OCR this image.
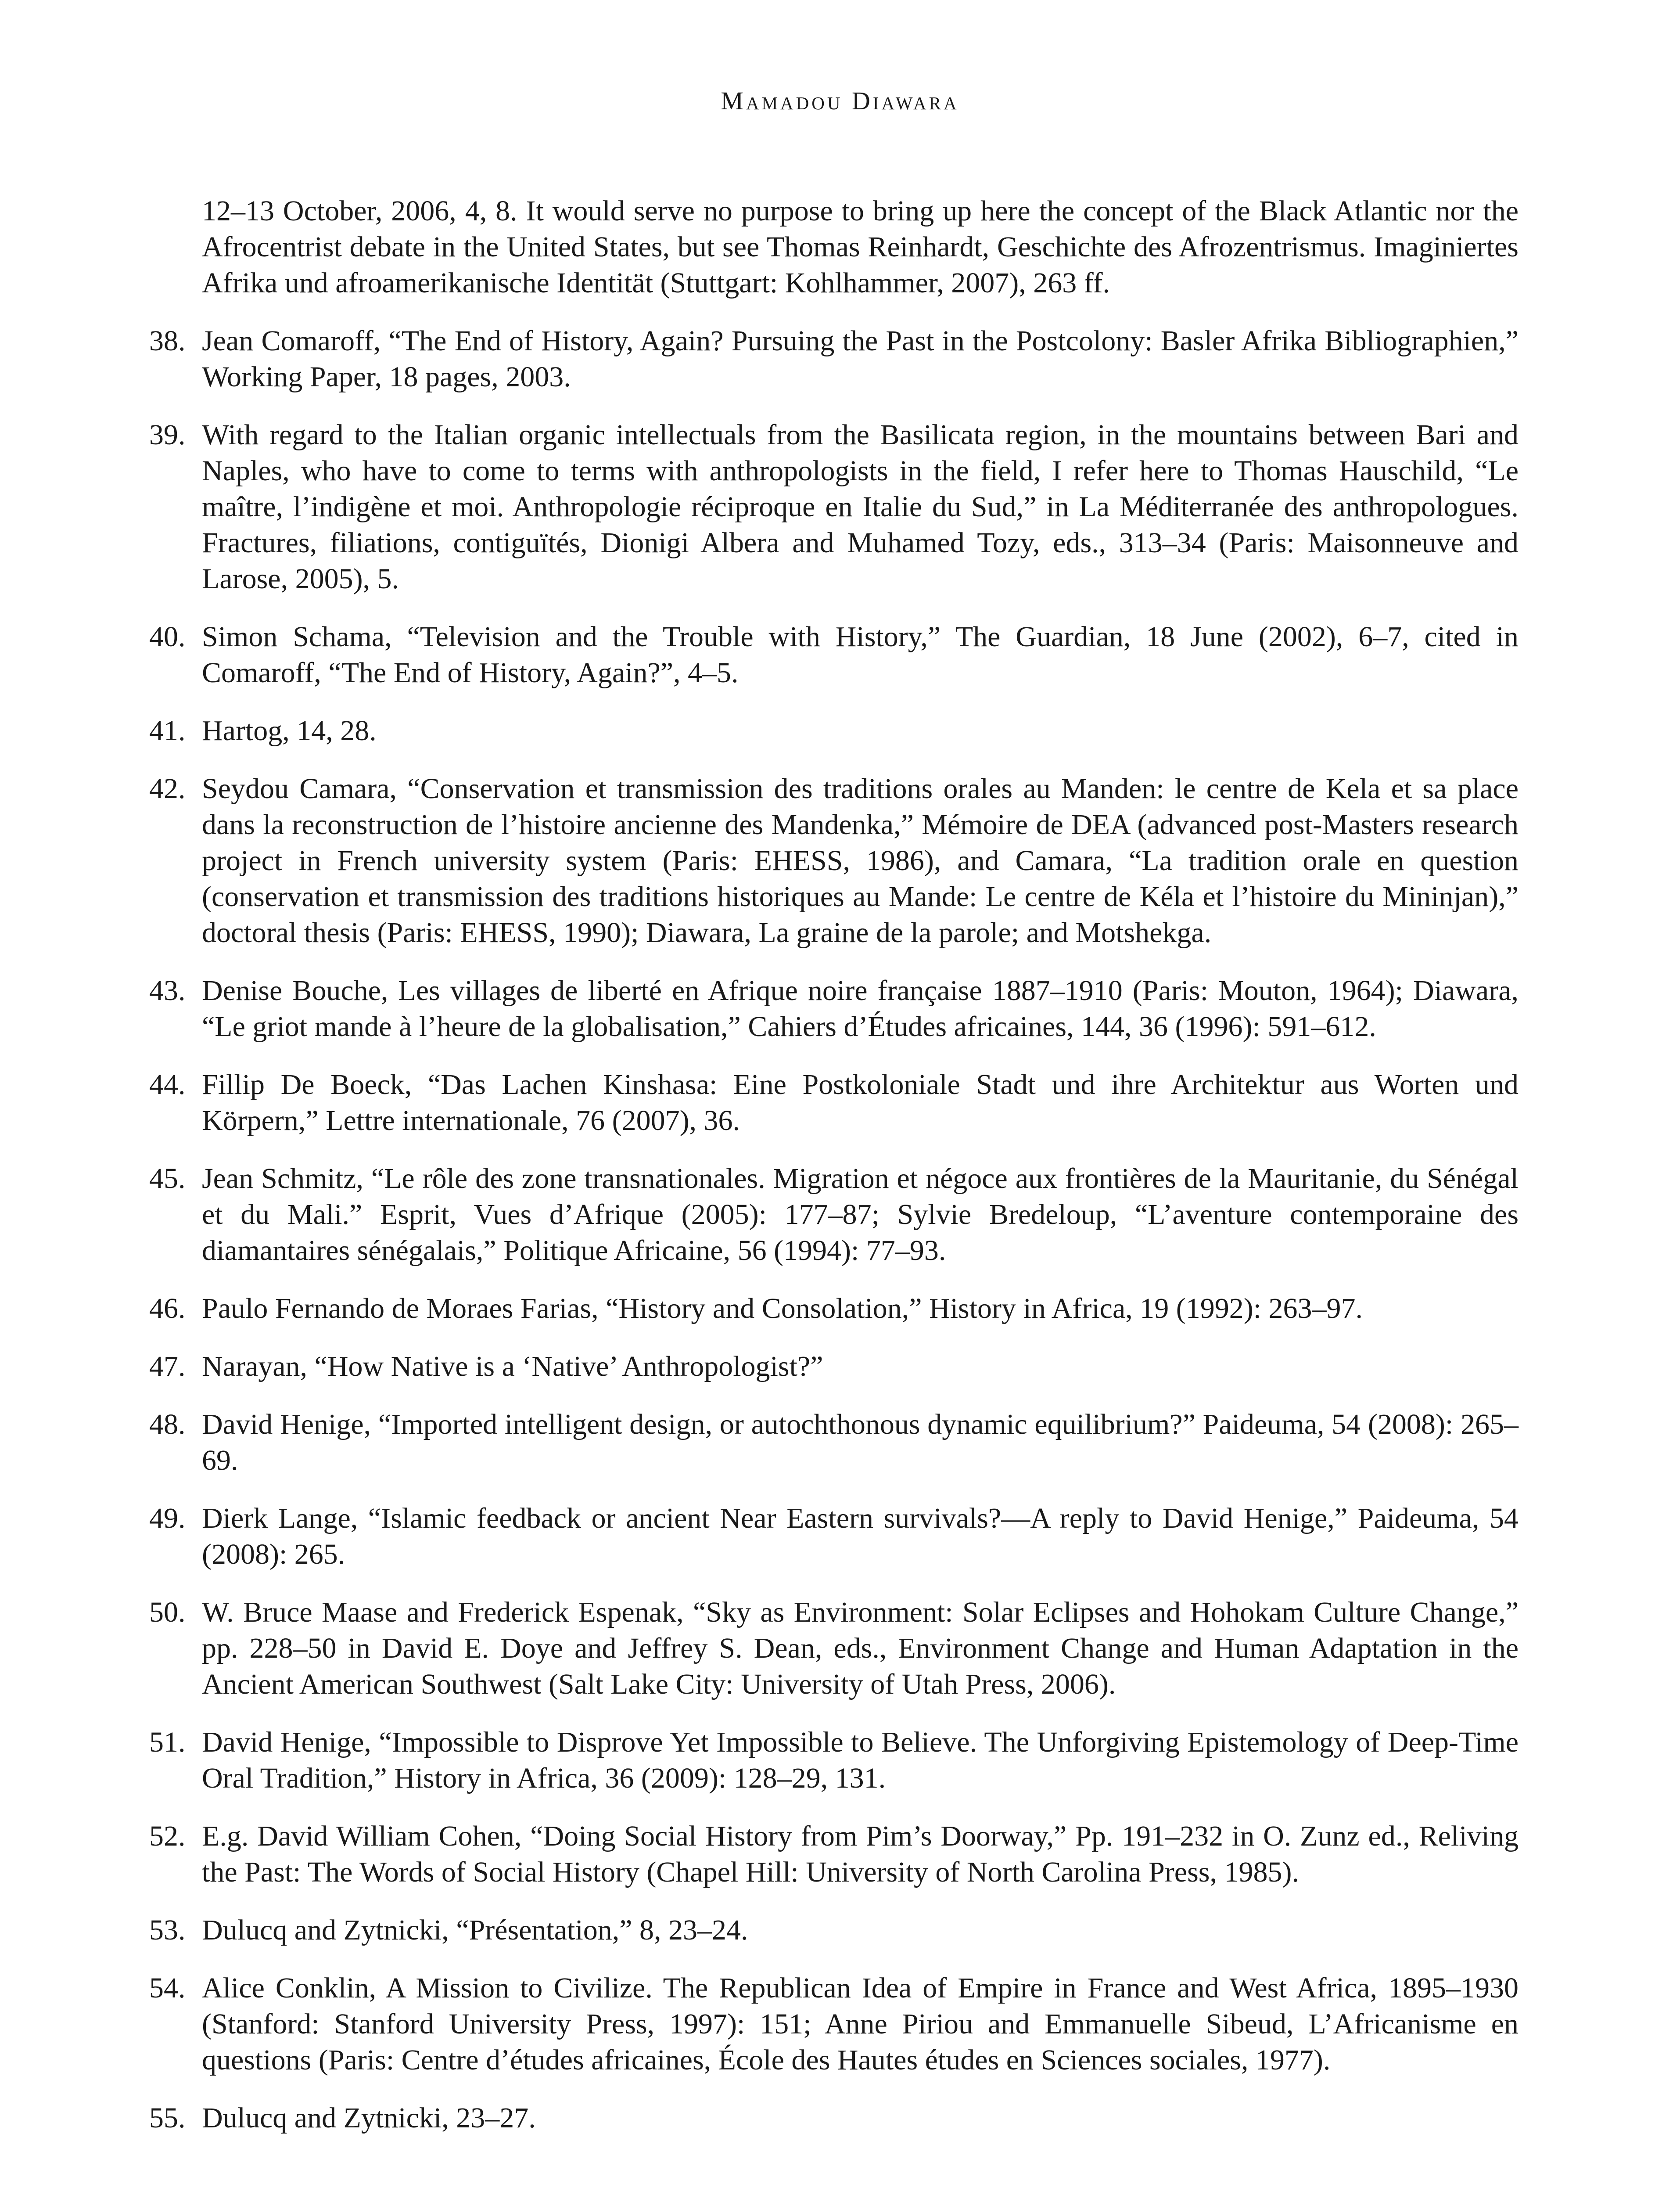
Mamadou Diawara
12–13 October, 2006, 4, 8. It would serve no purpose to bring up here the concept of the Black Atlantic nor the Afrocentrist debate in the United States, but see Thomas Reinhardt, Geschichte des Afrozentrismus. Imaginiertes Afrika und afroamerikanische Identität (Stuttgart: Kohlhammer, 2007), 263 ff.
38. Jean Comaroff, “The End of History, Again? Pursuing the Past in the Postcolony: Basler Afrika Bibliographien,” Working Paper, 18 pages, 2003.
39. With regard to the Italian organic intellectuals from the Basilicata region, in the mountains between Bari and Naples, who have to come to terms with anthropologists in the field, I refer here to Thomas Hauschild, “Le maître, l’indigène et moi. Anthropologie réciproque en Italie du Sud,” in La Méditerranée des anthropologues. Fractures, filiations, contiguïtés, Dionigi Albera and Muhamed Tozy, eds., 313–34 (Paris: Maisonneuve and Larose, 2005), 5.
40. Simon Schama, “Television and the Trouble with History,” The Guardian, 18 June (2002), 6–7, cited in Comaroff, “The End of History, Again?”, 4–5.
41. Hartog, 14, 28.
42. Seydou Camara, “Conservation et transmission des traditions orales au Manden: le centre de Kela et sa place dans la reconstruction de l’histoire ancienne des Mandenka,” Mémoire de DEA (advanced post-Masters research project in French university system (Paris: EHESS, 1986), and Camara, “La tradition orale en question (conservation et transmission des traditions historiques au Mande: Le centre de Kéla et l’histoire du Mininjan),” doctoral thesis (Paris: EHESS, 1990); Diawara, La graine de la parole; and Motshekga.
43. Denise Bouche, Les villages de liberté en Afrique noire française 1887–1910 (Paris: Mouton, 1964); Diawara, “Le griot mande à l’heure de la globalisation,” Cahiers d’Études africaines, 144, 36 (1996): 591–612.
44. Fillip De Boeck, “Das Lachen Kinshasa: Eine Postkoloniale Stadt und ihre Architektur aus Worten und Körpern,” Lettre internationale, 76 (2007), 36.
45. Jean Schmitz, “Le rôle des zone transnationales. Migration et négoce aux frontières de la Mauritanie, du Sénégal et du Mali.” Esprit, Vues d’Afrique (2005): 177–87; Sylvie Bredeloup, “L’aventure contemporaine des diamantaires sénégalais,” Politique Africaine, 56 (1994): 77–93.
46. Paulo Fernando de Moraes Farias, “History and Consolation,” History in Africa, 19 (1992): 263–97.
47. Narayan, “How Native is a ‘Native’ Anthropologist?”
48. David Henige, “Imported intelligent design, or autochthonous dynamic equilibrium?” Paideuma, 54 (2008): 265–69.
49. Dierk Lange, “Islamic feedback or ancient Near Eastern survivals?—A reply to David Henige,” Paideuma, 54 (2008): 265.
50. W. Bruce Maase and Frederick Espenak, “Sky as Environment: Solar Eclipses and Hohokam Culture Change,” pp. 228–50 in David E. Doye and Jeffrey S. Dean, eds., Environment Change and Human Adaptation in the Ancient American Southwest (Salt Lake City: University of Utah Press, 2006).
51. David Henige, “Impossible to Disprove Yet Impossible to Believe. The Unforgiving Epistemology of Deep-Time Oral Tradition,” History in Africa, 36 (2009): 128–29, 131.
52. E.g. David William Cohen, “Doing Social History from Pim’s Doorway,” Pp. 191–232 in O. Zunz ed., Reliving the Past: The Words of Social History (Chapel Hill: University of North Carolina Press, 1985).
53. Dulucq and Zytnicki, “Présentation,” 8, 23–24.
54. Alice Conklin, A Mission to Civilize. The Republican Idea of Empire in France and West Africa, 1895–1930 (Stanford: Stanford University Press, 1997): 151; Anne Piriou and Emmanuelle Sibeud, L’Africanisme en questions (Paris: Centre d’études africaines, École des Hautes études en Sciences sociales, 1977).
55. Dulucq and Zytnicki, 23–27.
